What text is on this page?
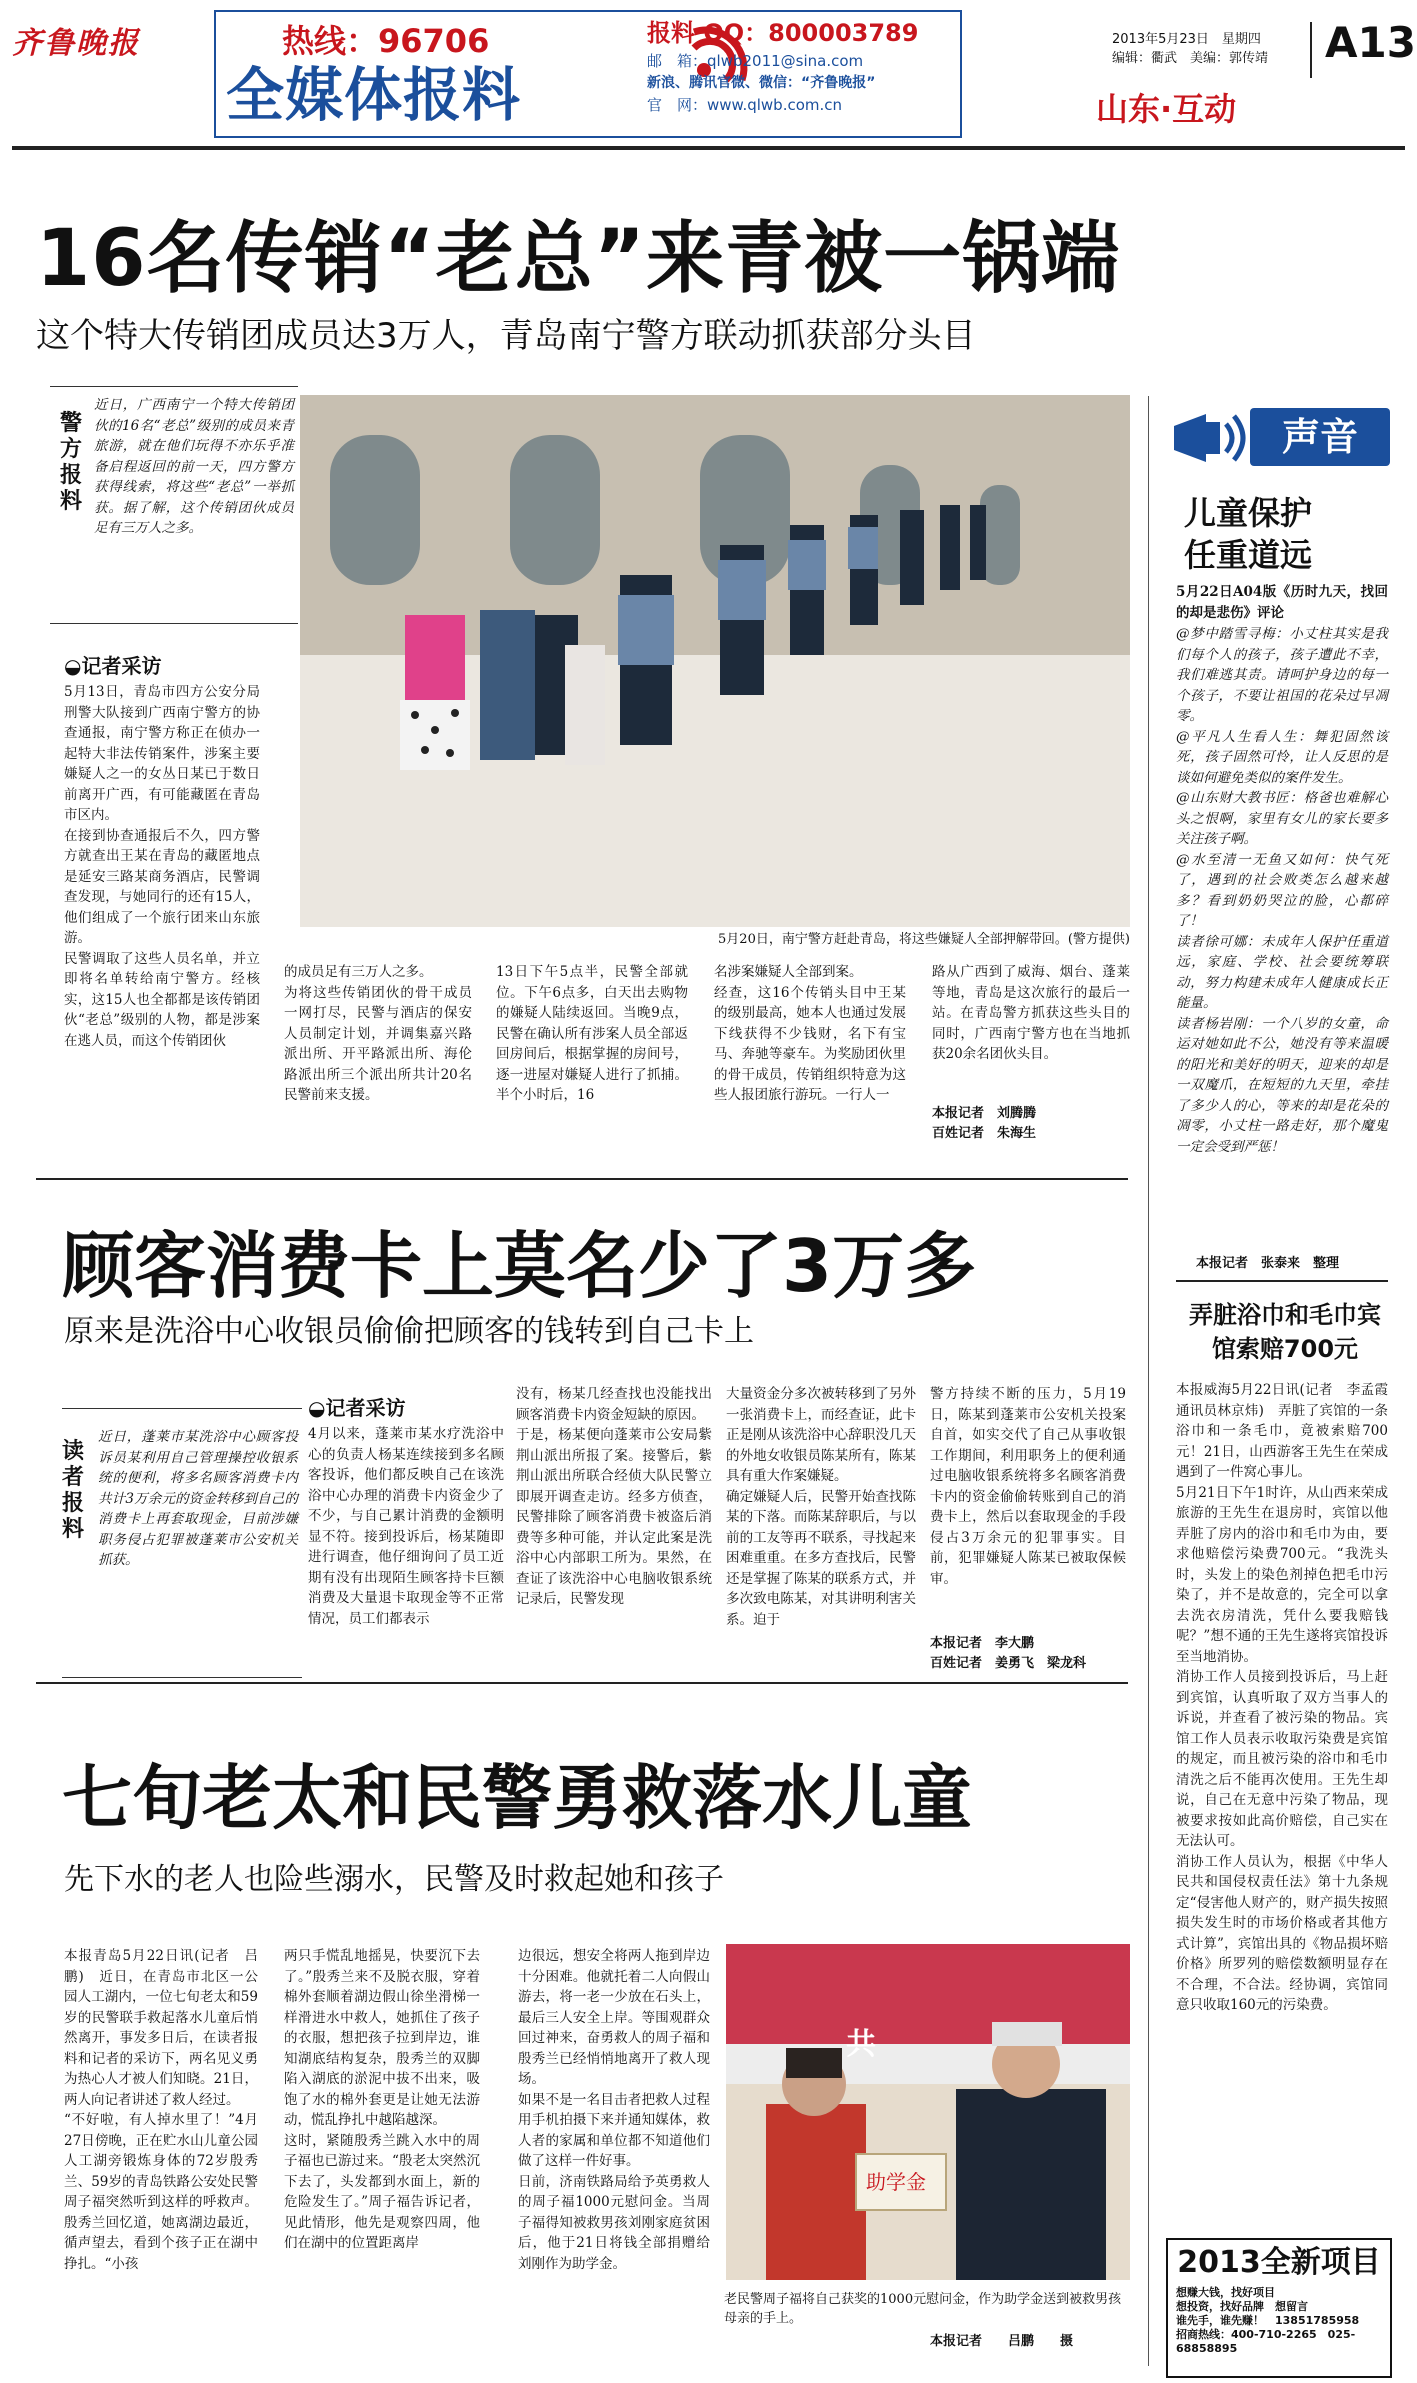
齐鲁晚报	热线：96706
全媒体报料
报料 QQ：800003789
邮　箱：qlwb2011@sina.com
新浪、腾讯官微、微信：“齐鲁晚报”
官　网：www.qlwb.com.cn
2013年5月23日　 星期四
编辑：衢武　 美编：郭传靖	A13
山东·互动
16名传销“老总”来青被一锅端
这个特大传销团成员达3万人，青岛南宁警方联动抓获部分头目
警方报料
近日，广西南宁一个特大传销团伙的16名“老总”级别的成员来青旅游，就在他们玩得不亦乐乎准备启程返回的前一天，四方警方获得线索，将这些“老总”一举抓获。据了解，这个传销团伙成员足有三万人之多。
◒记者采访
5月13日，青岛市四方公安分局刑警大队接到广西南宁警方的协查通报，南宁警方称正在侦办一起特大非法传销案件，涉案主要嫌疑人之一的女丛日某已于数日前离开广西，有可能藏匿在青岛市区内。
在接到协查通报后不久，四方警方就查出王某在青岛的藏匿地点是延安三路某商务酒店，民警调查发现，与她同行的还有15人，他们组成了一个旅行团来山东旅游。
民警调取了这些人员名单，并立即将名单转给南宁警方。经核实，这15人也全都都是该传销团伙“老总”级别的人物，都是涉案在逃人员，而这个传销团伙
5月20日，南宁警方赶赴青岛，将这些嫌疑人全部押解带回。(警方提供)
的成员足有三万人之多。
为将这些传销团伙的骨干成员一网打尽，民警与酒店的保安人员制定计划，并调集嘉兴路派出所、开平路派出所、海伦路派出所三个派出所共计20名民警前来支援。
13日下午5点半，民警全部就位。下午6点多，白天出去购物的嫌疑人陆续返回。当晚9点，民警在确认所有涉案人员全部返回房间后，根据掌握的房间号，逐一进屋对嫌疑人进行了抓捕。半个小时后，16
名涉案嫌疑人全部到案。
经查，这16个传销头目中王某的级别最高，她本人也通过发展下线获得不少钱财，名下有宝马、奔驰等豪车。为奖励团伙里的骨干成员，传销组织特意为这些人报团旅行游玩。一行人一
路从广西到了威海、烟台、蓬莱等地，青岛是这次旅行的最后一站。在青岛警方抓获这些头目的同时，广西南宁警方也在当地抓获20余名团伙头目。
本报记者　刘腾腾
百姓记者　朱海生
顾客消费卡上莫名少了3万多
原来是洗浴中心收银员偷偷把顾客的钱转到自己卡上
读者报料
近日，蓬莱市某洗浴中心顾客投诉员某利用自己管理操控收银系统的便利，将多名顾客消费卡内共计3万余元的资金转移到自己的消费卡上再套取现金，目前涉嫌职务侵占犯罪被蓬莱市公安机关抓获。
◒记者采访
4月以来，蓬莱市某水疗洗浴中心的负责人杨某连续接到多名顾客投诉，他们都反映自己在该洗浴中心办理的消费卡内资金少了不少，与自己累计消费的金额明显不符。接到投诉后，杨某随即进行调查，他仔细询问了员工近期有没有出现陌生顾客持卡巨额消费及大量退卡取现金等不正常情况，员工们都表示
没有，杨某几经查找也没能找出顾客消费卡内资金短缺的原因。
于是，杨某便向蓬莱市公安局紫荆山派出所报了案。接警后，紫荆山派出所联合经侦大队民警立即展开调查走访。经多方侦查，民警排除了顾客消费卡被盗后消费等多种可能，并认定此案是洗浴中心内部职工所为。果然，在查证了该洗浴中心电脑收银系统记录后，民警发现
大量资金分多次被转移到了另外一张消费卡上，而经查证，此卡正是刚从该洗浴中心辞职没几天的外地女收银员陈某所有，陈某具有重大作案嫌疑。
确定嫌疑人后，民警开始查找陈某的下落。而陈某辞职后，与以前的工友等再不联系，寻找起来困难重重。在多方查找后，民警还是掌握了陈某的联系方式，并多次致电陈某，对其讲明利害关系。迫于
警方持续不断的压力，5月19日，陈某到蓬莱市公安机关投案自首，如实交代了自己从事收银工作期间，利用职务上的便利通过电脑收银系统将多名顾客消费卡内的资金偷偷转账到自己的消费卡上，然后以套取现金的手段侵占3万余元的犯罪事实。目前，犯罪嫌疑人陈某已被取保候审。
本报记者　李大鹏
百姓记者　姜勇飞　梁龙科
七旬老太和民警勇救落水儿童
先下水的老人也险些溺水，民警及时救起她和孩子
本报青岛5月22日讯(记者　吕鹏)　近日，在青岛市北区一公园人工湖内，一位七旬老太和59岁的民警联手救起落水儿童后悄然离开，事发多日后，在读者报料和记者的采访下，两名见义勇为热心人才被人们知晓。21日，两人向记者讲述了救人经过。
“不好啦，有人掉水里了！”4月27日傍晚，正在贮水山儿童公园人工湖旁锻炼身体的72岁殷秀兰、59岁的青岛铁路公安处民警周子福突然听到这样的呼救声。殷秀兰回忆道，她离湖边最近，循声望去，看到个孩子正在湖中挣扎。“小孩
两只手慌乱地摇晃，快要沉下去了。”殷秀兰来不及脱衣服，穿着棉外套顺着湖边假山徐坐滑梯一样滑进水中救人，她抓住了孩子的衣服，想把孩子拉到岸边，谁知湖底结构复杂，殷秀兰的双脚陷入湖底的淤泥中拔不出来，吸饱了水的棉外套更是让她无法游动，慌乱挣扎中越陷越深。
这时，紧随殷秀兰跳入水中的周子福也已游过来。“殷老太突然沉下去了，头发都到水面上，新的危险发生了。”周子福告诉记者，见此情形，他先是观察四周，他们在湖中的位置距离岸
边很远，想安全将两人拖到岸边十分困难。他就托着二人向假山游去，将一老一少放在石头上，最后三人安全上岸。等围观群众回过神来，奋勇救人的周子福和殷秀兰已经悄悄地离开了救人现场。
如果不是一名目击者把救人过程用手机拍摄下来并通知媒体，救人者的家属和单位都不知道他们做了这样一件好事。
日前，济南铁路局给予英勇救人的周子福1000元慰问金。当周子福得知被救男孩刘刚家庭贫困后，他于21日将钱全部捐赠给刘刚作为助学金。
共
助学金
老民警周子福将自己获奖的1000元慰问金，作为助学金送到被救男孩母亲的手上。
本报记者　　吕鹏　　摄
声音
儿童保护任重道远
5月22日A04版《历时九天，找回的却是悲伤》评论
@梦中踏雪寻梅：小丈柱其实是我们每个人的孩子，孩子遭此不幸，我们难逃其责。请呵护身边的每一个孩子，不要让祖国的花朵过早凋零。
@平凡人生看人生：舞犯固然该死，孩子固然可怜，让人反思的是谈如何避免类似的案件发生。
@山东财大教书匠：格爸也难解心头之恨啊，家里有女儿的家长要多关注孩子啊。
@水至清一无鱼又如何：快气死了，遇到的社会败类怎么越来越多？看到奶奶哭泣的脸，心都碎了！
读者徐可娜：未成年人保护任重道远，家庭、学校、社会要统筹联动，努力构建未成年人健康成长正能量。
读者杨岩刚：一个八岁的女童，命运对她如此不公，她没有等来温暖的阳光和美好的明天，迎来的却是一双魔爪，在短短的九天里，牵挂了多少人的心，等来的却是花朵的凋零，小丈柱一路走好，那个魔鬼一定会受到严惩！
本报记者　张泰来　整理
弄脏浴巾和毛巾宾馆索赔700元
本报威海5月22日讯(记者　李孟霞　通讯员林京炜)　弄脏了宾馆的一条浴巾和一条毛巾，竟被索赔700元！21日，山西游客王先生在荣成遇到了一件窝心事儿。
5月21日下午1时许，从山西来荣成旅游的王先生在退房时，宾馆以他弄脏了房内的浴巾和毛巾为由，要求他赔偿污染费700元。“我洗头时，头发上的染色剂掉色把毛巾污染了，并不是故意的，完全可以拿去洗衣房清洗，凭什么要我赔钱呢？”想不通的王先生遂将宾馆投诉至当地消协。
消协工作人员接到投诉后，马上赶到宾馆，认真听取了双方当事人的诉说，并查看了被污染的物品。宾馆工作人员表示收取污染费是宾馆的规定，而且被污染的浴巾和毛巾清洗之后不能再次使用。王先生却说，自己在无意中污染了物品，现被要求按如此高价赔偿，自己实在无法认可。
消协工作人员认为，根据《中华人民共和国侵权责任法》第十九条规定“侵害他人财产的，财产损失按照损失发生时的市场价格或者其他方式计算”，宾馆出具的《物品损坏赔价格》所罗列的赔偿数额明显存在不合理，不合法。经协调，宾馆同意只收取160元的污染费。
2013全新项目
想赚大钱，找好项目
想投资，找好品牌　 想留言
谁先手，谁先赚！　 13851785958
招商热线：400-710-2265　 025-68858895
